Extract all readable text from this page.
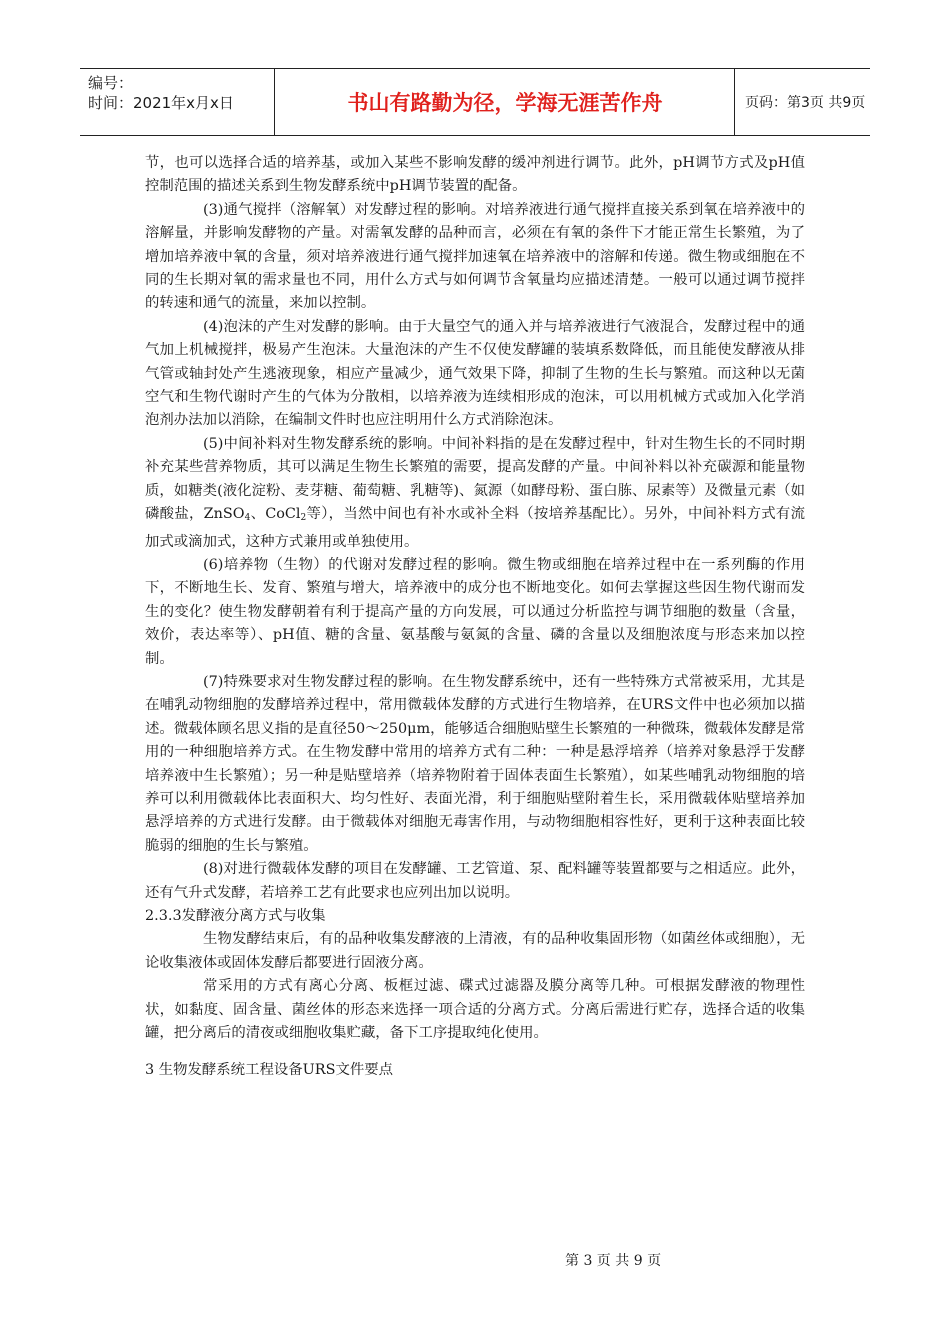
编号：
时间：2021年x月x日	书山有路勤为径，学海无涯苦作舟	页码：第3页 共9页

节，也可以选择合适的培养基，或加入某些不影响发酵的缓冲剂进行调节。此外，pH调节方式及pH值控制范围的描述关系到生物发酵系统中pH调节装置的配备。

(3)通气搅拌（溶解氧）对发酵过程的影响。对培养液进行通气搅拌直接关系到氧在培养液中的溶解量，并影响发酵物的产量。对需氧发酵的品种而言，必须在有氧的条件下才能正常生长繁殖，为了增加培养液中氧的含量，须对培养液进行通气搅拌加速氧在培养液中的溶解和传递。微生物或细胞在不同的生长期对氧的需求量也不同，用什么方式与如何调节含氧量均应描述清楚。一般可以通过调节搅拌的转速和通气的流量，来加以控制。

(4)泡沫的产生对发酵的影响。由于大量空气的通入并与培养液进行气液混合，发酵过程中的通气加上机械搅拌，极易产生泡沫。大量泡沫的产生不仅使发酵罐的装填系数降低，而且能使发酵液从排气管或轴封处产生逃液现象，相应产量减少，通气效果下降，抑制了生物的生长与繁殖。而这种以无菌空气和生物代谢时产生的气体为分散相，以培养液为连续相形成的泡沫，可以用机械方式或加入化学消泡剂办法加以消除，在编制文件时也应注明用什么方式消除泡沫。

(5)中间补料对生物发酵系统的影响。中间补料指的是在发酵过程中，针对生物生长的不同时期补充某些营养物质，其可以满足生物生长繁殖的需要，提高发酵的产量。中间补料以补充碳源和能量物质，如糖类(液化淀粉、麦芽糖、葡萄糖、乳糖等)、氮源（如酵母粉、蛋白胨、尿素等）及微量元素（如磷酸盐，ZnSO$_4$、CoCl$_2$等），当然中间也有补水或补全料（按培养基配比）。另外，中间补料方式有流加式或滴加式，这种方式兼用或单独使用。

(6)培养物（生物）的代谢对发酵过程的影响。微生物或细胞在培养过程中在一系列酶的作用下，不断地生长、发育、繁殖与增大，培养液中的成分也不断地变化。如何去掌握这些因生物代谢而发生的变化？使生物发酵朝着有利于提高产量的方向发展，可以通过分析监控与调节细胞的数量（含量，效价，表达率等）、pH值、糖的含量、氨基酸与氨氮的含量、磷的含量以及细胞浓度与形态来加以控制。

(7)特殊要求对生物发酵过程的影响。在生物发酵系统中，还有一些特殊方式常被采用，尤其是在哺乳动物细胞的发酵培养过程中，常用微载体发酵的方式进行生物培养，在URS文件中也必须加以描述。微载体顾名思义指的是直径50～250μm，能够适合细胞贴壁生长繁殖的一种微珠，微载体发酵是常用的一种细胞培养方式。在生物发酵中常用的培养方式有二种：一种是悬浮培养（培养对象悬浮于发酵培养液中生长繁殖）；另一种是贴壁培养（培养物附着于固体表面生长繁殖），如某些哺乳动物细胞的培养可以利用微载体比表面积大、均匀性好、表面光滑，利于细胞贴壁附着生长，采用微载体贴壁培养加悬浮培养的方式进行发酵。由于微载体对细胞无毒害作用，与动物细胞相容性好，更利于这种表面比较脆弱的细胞的生长与繁殖。

(8)对进行微载体发酵的项目在发酵罐、工艺管道、泵、配料罐等装置都要与之相适应。此外，还有气升式发酵，若培养工艺有此要求也应列出加以说明。

2.3.3发酵液分离方式与收集

生物发酵结束后，有的品种收集发酵液的上清液，有的品种收集固形物（如菌丝体或细胞），无论收集液体或固体发酵后都要进行固液分离。

常采用的方式有离心分离、板框过滤、碟式过滤器及膜分离等几种。可根据发酵液的物理性状，如黏度、固含量、菌丝体的形态来选择一项合适的分离方式。分离后需进行贮存，选择合适的收集罐，把分离后的清夜或细胞收集贮藏，备下工序提取纯化使用。

3 生物发酵系统工程设备URS文件要点

第 3 页 共 9 页
